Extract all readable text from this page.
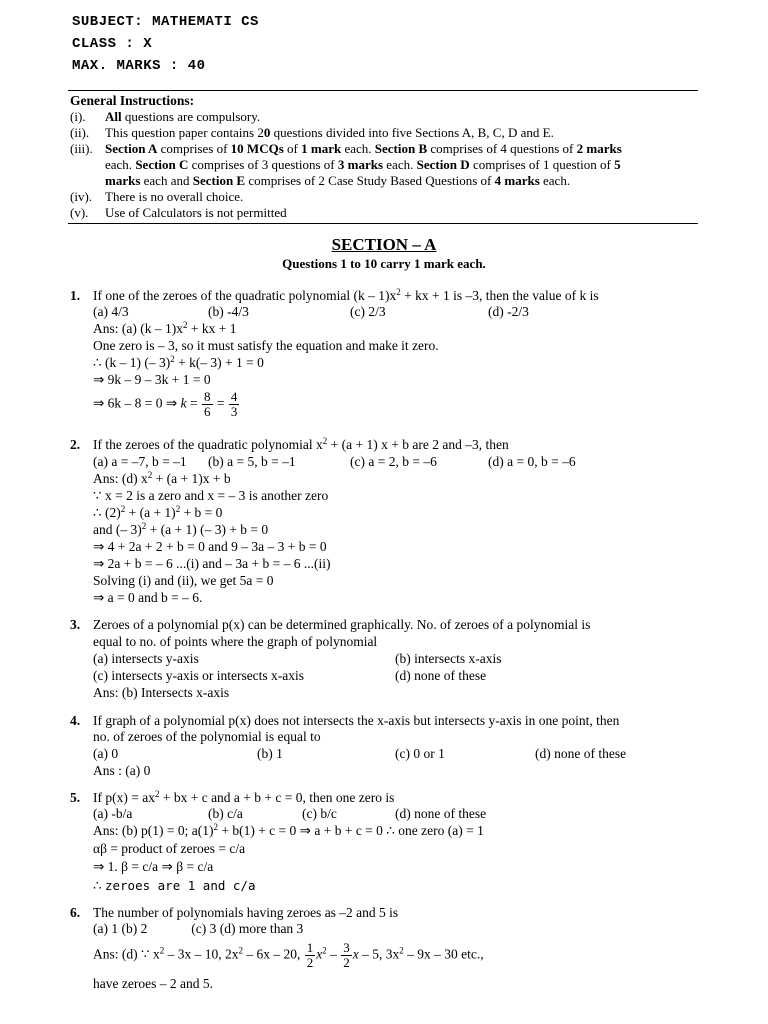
SUBJECT: MATHEMATI CS
CLASS : X
MAX. MARKS : 40
General Instructions:
(i). All questions are compulsory.
(ii). This question paper contains 20 questions divided into five Sections A, B, C, D and E.
(iii). Section A comprises of 10 MCQs of 1 mark each. Section B comprises of 4 questions of 2 marks
each. Section C comprises of 3 questions of 3 marks each. Section D comprises of 1 question of 5
marks each and Section E comprises of 2 Case Study Based Questions of 4 marks each.
(iv). There is no overall choice.
(v). Use of Calculators is not permitted
SECTION – A
Questions 1 to 10 carry 1 mark each.
1. If one of the zeroes of the quadratic polynomial $(k - 1)x^2$ + kx + 1 is –3, then the value of k is
(a) 4/3	(b) -4/3	(c) 2/3	(d) -2/3
Ans: (a) $(k - 1)x^2$ + kx + 1
One zero is – 3, so it must satisfy the equation and make it zero.
∴ (k – 1) (– 3)$^2$ + k(– 3) + 1 = 0
⇒ 9k – 9 – 3k + 1 = 0
⇒ 6k – 8 = 0 ⇒ $k = \frac{8}{6} = \frac{4}{3}$
2. If the zeroes of the quadratic polynomial $x^2 + (a + 1) x + b$ are 2 and –3, then
(a) a = –7, b = –1 (b) a = 5, b = –1	(c) a = 2, b = –6	(d) a = 0, b = –6
Ans: (d) $x^2 + (a + 1)x + b$
∵ x = 2 is a zero and x = – 3 is another zero
∴ $(2)^2 + (a + 1)^2 + b = 0$
and (– 3)$^2$ + (a + 1) (– 3) + b = 0
⇒ 4 + 2a + 2 + b = 0 and 9 – 3a – 3 + b = 0
⇒ 2a + b = – 6 ...(i) and – 3a + b = – 6 ...(ii)
Solving (i) and (ii), we get 5a = 0
⇒ a = 0 and b = – 6.
3. Zeroes of a polynomial p(x) can be determined graphically. No. of zeroes of a polynomial is
equal to no. of points where the graph of polynomial
(a) intersects y-axis	(b) intersects x-axis
(c) intersects y-axis or intersects x-axis	(d) none of these
Ans: (b) Intersects x-axis
4. If graph of a polynomial p(x) does not intersects the x-axis but intersects y-axis in one point, then
no. of zeroes of the polynomial is equal to
(a) 0	(b) 1	(c) 0 or 1	(d) none of these
Ans : (a) 0
5. If $p(x) = ax^2$ + bx + c and a + b + c = 0, then one zero is
(a) -b/a	(b) c/a	(c) b/c	(d) none of these
Ans: (b) p(1) = 0; $a(1)^2 + b(1) + c = 0$ ⇒ a + b + c = 0 ∴ one zero (a) = 1
αβ = product of zeroes = c/a
⇒ 1. β = c/a ⇒ β = c/a
∴ zeroes are 1 and c/a
6. The number of polynomials having zeroes as –2 and 5 is
(a) 1 (b) 2             (c) 3 (d) more than 3
Ans: (d) ∵ $x^2 - 3x - 10$, $2x^2 - 6x - 20$, $\frac{1}{2} x^2 - \frac{3}{2}$ x – 5, $3x^2 - 9x - 30$ etc.,
have zeroes – 2 and 5.
